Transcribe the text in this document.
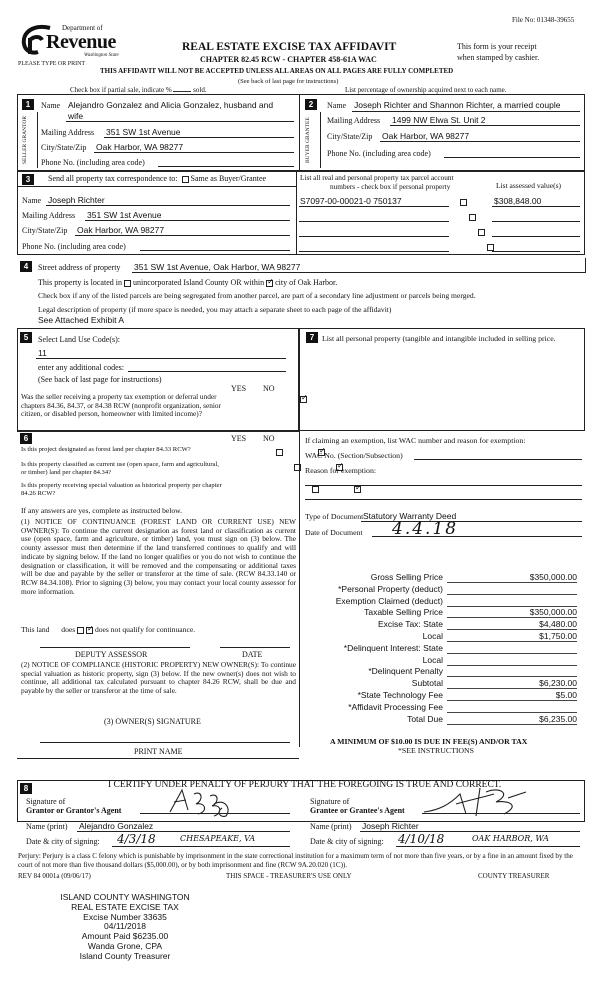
File No: 01348-39655
Department of
Revenue
Washington State
PLEASE TYPE OR PRINT
REAL ESTATE EXCISE TAX AFFIDAVIT
CHAPTER 82.45 RCW - CHAPTER 458-61A WAC
This form is your receipt
when stamped by cashier.
THIS AFFIDAVIT WILL NOT BE ACCEPTED UNLESS ALL AREAS ON ALL PAGES ARE FULLY COMPLETED
(See back of last page for instructions)
Check box if partial sale, indicate %	sold.	List percentage of ownership acquired next to each name.
1
SELLER GRANTOR
Name Alejandro Gonzalez and Alicia Gonzalez, husband and
wife
Mailing Address 351 SW 1st Avenue
City/State/Zip Oak Harbor, WA 98277
Phone No. (including area code)
2
BUYER GRANTEE
Name Joseph Richter and Shannon Richter, a married couple
Mailing Address 1499 NW Elwa St. Unit 2
City/State/Zip Oak Harbor, WA 98277
Phone No. (including area code)
3	Send all property tax correspondence to: Same as Buyer/Grantee
Name Joseph Richter
Mailing Address 351 SW 1st Avenue
City/State/Zip Oak Harbor, WA 98277
Phone No. (including area code)
List all real and personal property tax parcel account
numbers - check box if personal property	List assessed value(s)
S7097-00-00021-0 750137	$308,848.00

4	Street address of property 351 SW 1st Avenue, Oak Harbor, WA 98277
This property is located in unincorporated Island County OR within ✓ city of Oak Harbor.
Check box if any of the listed parcels are being segregated from another parcel, are part of a secondary line adjustment or parcels being merged.
Legal description of property (if more space is needed, you may attach a separate sheet to each page of the affidavit)
See Attached Exhibit A
5	Select Land Use Code(s):
11
enter any additional codes:
(See back of last page for instructions)
YES NO
Was the seller receiving a property tax exemption or deferral under chapters 84.36, 84.37, or 84.38 RCW (nonprofit organization, senior citizen, or disabled person, homeowner with limited income)?
✓
7 List all personal property (tangible and intangible included in selling price.
6	YES NO
Is this project designated as forest land per chapter 84.33 RCW?
✓
Is this property classified as current use (open space, farm and agricultural, or timber) land per chapter 84.34?
✓
Is this property receiving special valuation as historical property per chapter 84.26 RCW?
✓
If any answers are yes, complete as instructed below.
(1) NOTICE OF CONTINUANCE (FOREST LAND OR CURRENT USE) NEW OWNER(S): To continue the current designation as forest land or classification as current use (open space, farm and agriculture, or timber) land, you must sign on (3) below. The county assessor must then determine if the land transferred continues to qualify and will indicate by signing below. If the land no longer qualifies or you do not wish to continue the designation or classification, it will be removed and the compensating or additional taxes will be due and payable by the seller or transferor at the time of sale. (RCW 84.33.140 or RCW 84.34.108). Prior to signing (3) below, you may contact your local county assessor for more information.
This land does ✓	does not qualify for continuance.
DEPUTY ASSESSOR	DATE
(2) NOTICE OF COMPLIANCE (HISTORIC PROPERTY) NEW OWNER(S): To continue special valuation as historic property, sign (3) below. If the new owner(s) does not wish to continue, all additional tax calculated pursuant to chapter 84.26 RCW, shall be due and payable by the seller or transferor at the time of sale.
(3) OWNER(S) SIGNATURE
PRINT NAME
If claiming an exemption, list WAC number and reason for exemption:
WAC No. (Section/Subsection)
Reason for exemption:
Type of Document Statutory Warranty Deed
Date of Document 4.4.18
Gross Selling Price	$350,000.00
*Personal Property (deduct)
Exemption Claimed (deduct)
Taxable Selling Price	$350,000.00
Excise Tax: State	$4,480.00
Local	$1,750.00
*Delinquent Interest: State
Local
*Delinquent Penalty
Subtotal	$6,230.00
*State Technology Fee	$5.00
*Affidavit Processing Fee
Total Due	$6,235.00
A MINIMUM OF $10.00 IS DUE IN FEE(S) AND/OR TAX
*SEE INSTRUCTIONS
8	I CERTIFY UNDER PENALTY OF PERJURY THAT THE FOREGOING IS TRUE AND CORRECT.
Signature of
Grantor or Grantor's Agent
Name (print) Alejandro Gonzalez
Date & city of signing: 4/3/18	CHESAPEAKE, VA
Signature of
Grantee or Grantee's Agent
Name (print) Joseph Richter
Date & city of signing: 4/10/18	OAK HARBOR, WA
Perjury: Perjury is a class C felony which is punishable by imprisonment in the state correctional institution for a maximum term of not more than five years, or by a fine in an amount fixed by the court of not more than five thousand dollars ($5,000.00), or by both imprisonment and fine (RCW 9A.20.020 (1C)).
REV 84 0001a (09/06/17)	THIS SPACE - TREASURER'S USE ONLY	COUNTY TREASURER
ISLAND COUNTY WASHINGTON
REAL ESTATE EXCISE TAX
Excise Number 33635
04/11/2018
Amount Paid $6235.00
Wanda Grone, CPA
Island County Treasurer
